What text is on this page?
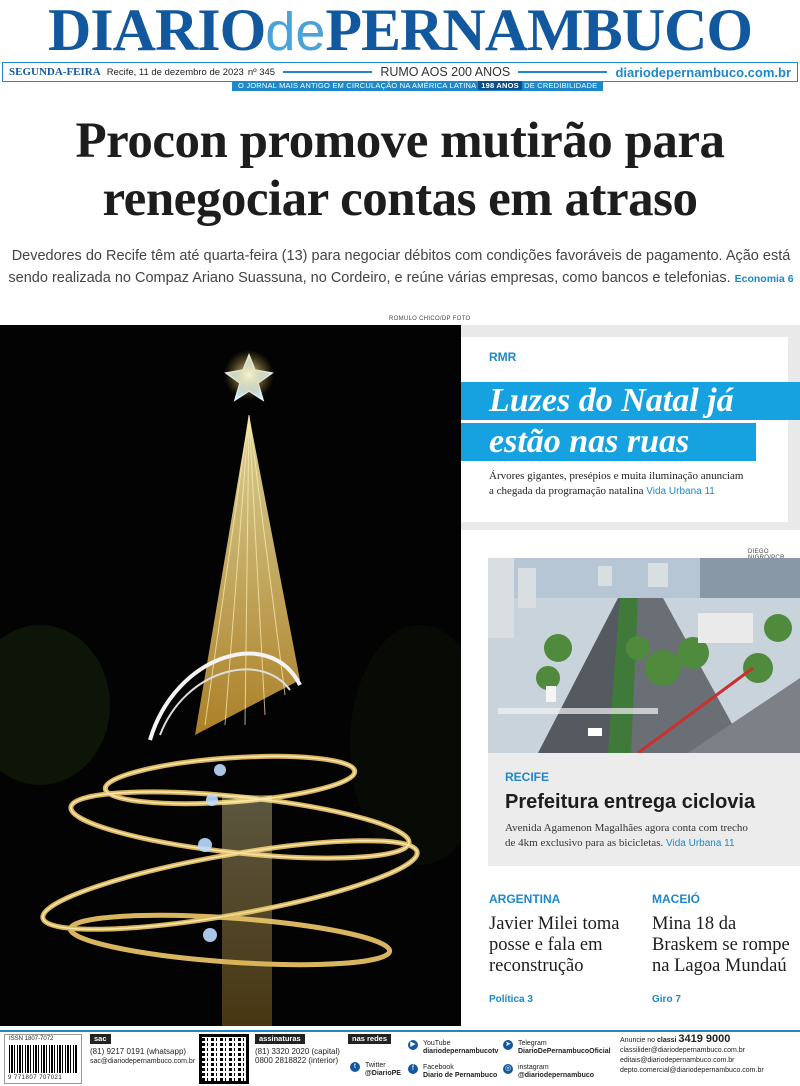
DIARIOdePERNAMBUCO
SEGUNDA-FEIRA Recife, 11 de dezembro de 2023 nº 345	RUMO AOS 200 ANOS	diariodepernambuco.com.br
O JORNAL MAIS ANTIGO EM CIRCULAÇÃO NA AMÉRICA LATINA 198 ANOS DE CREDIBILIDADE
Procon promove mutirão para
renegociar contas em atraso

Devedores do Recife têm até quarta-feira (13) para negociar débitos com condições favoráveis de pagamento. Ação está
sendo realizada no Compaz Ariano Suassuna, no Cordeiro, e reúne várias empresas, como bancos e telefonias. Economia 6

ROMULO CHICO/DP FOTO
RMR
Luzes do Natal já
estão nas ruas

Árvores gigantes, presépios e muita iluminação anunciam
a chegada da programação natalina Vida Urbana 11

DIEGO
RECIFE
Prefeitura entrega ciclovia

Avenida Agamenon Magalhães agora conta com trecho
de 4km exclusivo para as bicicletas. Vida Urbana 11

ARGENTINA

Javier Milei toma posse e fala em reconstrução

Política 3
MACEIÓ

Mina 18 da Braskem se rompe na Lagoa Mundaú

Giro 7
ISSN 1807-7072
9 771807 707021
sac
(81) 9217 0191 (whatsapp)
sac@diariodepernambuco.com.br
assinaturas
(81) 3320 2020 (capital)
0800 2818822 (interior)
nas redes
t Twitter
@DiarioPE
▶ YouTube
diariodepernambucotv
f Facebook
Diario de Pernambuco
➤ Telegram
DiarioDePernambucoOficial
◎ instagram
@diariodepernambuco
Anuncie no classi 3419 9000
classilider@diariodepernambuco.com.br
editais@diariodepernambuco.com.br
depto.comercial@diariodepernambuco.com.br
